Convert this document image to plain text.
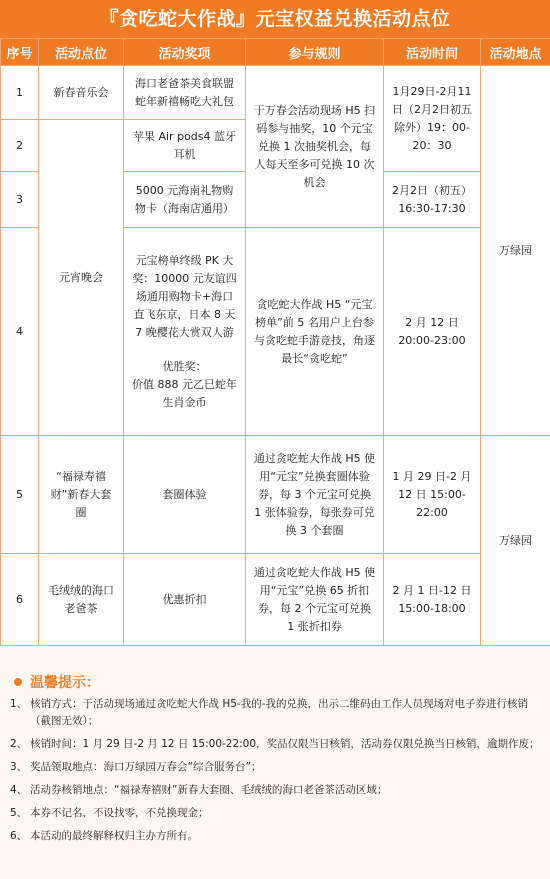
『贪吃蛇大作战』元宝权益兑换活动点位
序号	活动点位	活动奖项	参与规则	活动时间	活动地点
1	新春音乐会	海口老爸茶美食联盟蛇年新禧畅吃大礼包	于万春会活动现场 H5 扫码参与抽奖，10 个元宝兑换 1 次抽奖机会，每人每天至多可兑换 10 次机会	1月29日-2月11日（2月2日初五除外）19：00-20：30	万绿园
2	元宵晚会	苹果 Air pods4 蓝牙耳机			
3		5000 元海南礼物购物卡（海南店通用）		2月2日（初五）16:30-17:30	
4		元宝榜单终级 PK 大奖：10000 元友谊四场通用购物卡+海口直飞东京，日本 8 天 7 晚樱花大赏双人游
优胜奖：
价值 888 元乙巳蛇年生肖金币	贪吃蛇大作战 H5 “元宝榜单”前 5 名用户上台参与贪吃蛇手游竞技，角逐最长“贪吃蛇”	2 月 12 日 20:00-23:00	
5	“福禄寿禧财”新春大套圈	套圈体验	通过贪吃蛇大作战 H5 使用“元宝”兑换套圈体验券，每 3 个元宝可兑换 1 张体验券，每张券可兑换 3 个套圈	1 月 29 日-2 月 12 日 15:00-22:00	万绿园
6	毛绒绒的海口老爸茶	优惠折扣	通过贪吃蛇大作战 H5 使用“元宝”兑换 65 折扣券，每 2 个元宝可兑换 1 张折扣券	2 月 1 日-12 日 15:00-18:00	
温馨提示：
1、 核销方式：于活动现场通过贪吃蛇大作战 H5-我的-我的兑换，出示二维码由工作人员现场对电子券进行核销（截图无效）；
2、 核销时间：1 月 29 日-2 月 12 日 15:00-22:00，奖品仅限当日核销，活动券仅限兑换当日核销，逾期作废；
3、 奖品领取地点：海口万绿园万春会“综合服务台”；
4、 活动券核销地点：“福禄寿禧财”新春大套圈、毛绒绒的海口老爸茶活动区域；
5、 本券不记名，不设找零，不兑换现金；
6、 本活动的最终解释权归主办方所有。
